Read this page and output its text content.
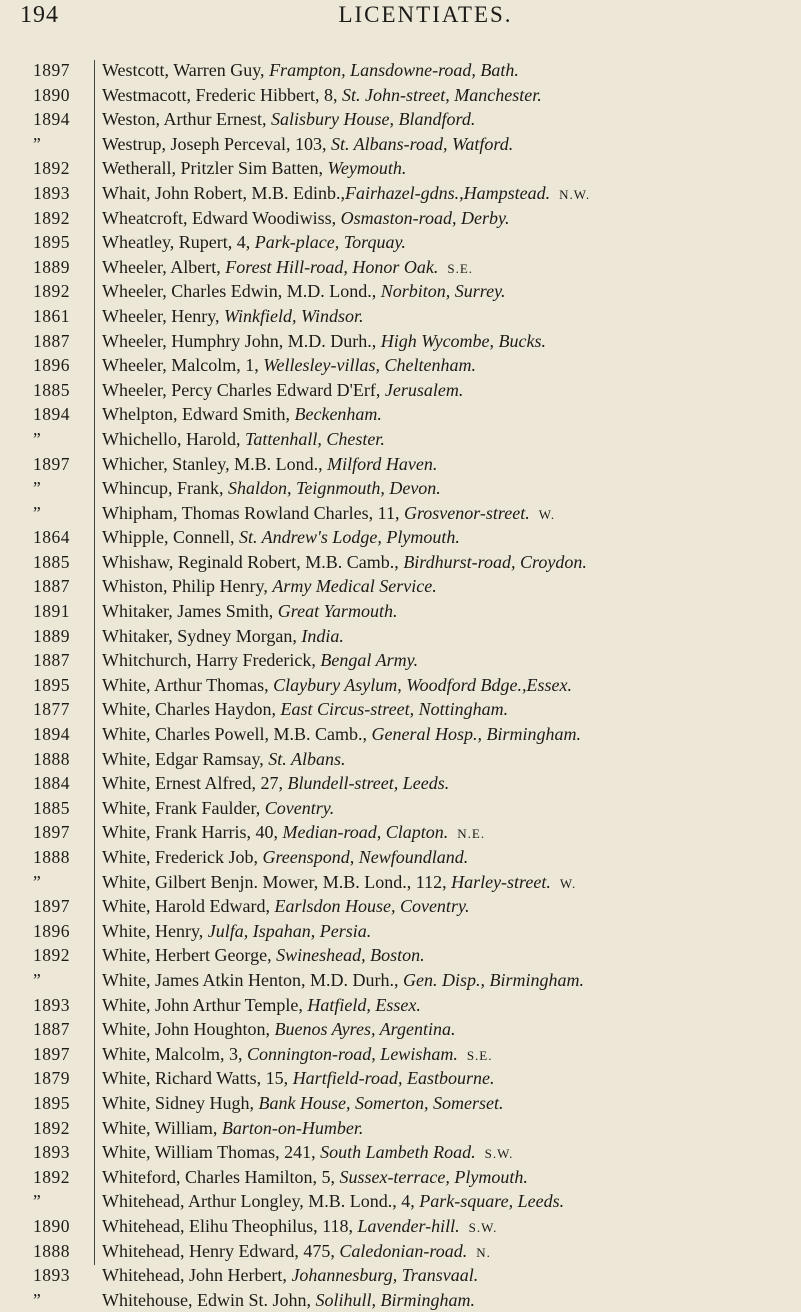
194	LICENTIATES.
1897	Westcott, Warren Guy, Frampton, Lansdowne-road, Bath.
1890	Westmacott, Frederic Hibbert, 8, St. John-street, Manchester.
1894	Weston, Arthur Ernest, Salisbury House, Blandford.
”	Westrup, Joseph Perceval, 103, St. Albans-road, Watford.
1892	Wetherall, Pritzler Sim Batten, Weymouth.
1893	Whait, John Robert, M.B. Edinb.,Fairhazel-gdns.,Hampstead.  N.W.
1892	Wheatcroft, Edward Woodiwiss, Osmaston-road, Derby.
1895	Wheatley, Rupert, 4, Park-place, Torquay.
1889	Wheeler, Albert, Forest Hill-road, Honor Oak.  S.E.
1892	Wheeler, Charles Edwin, M.D. Lond., Norbiton, Surrey.
1861	Wheeler, Henry, Winkfield, Windsor.
1887	Wheeler, Humphry John, M.D. Durh., High Wycombe, Bucks.
1896	Wheeler, Malcolm, 1, Wellesley-villas, Cheltenham.
1885	Wheeler, Percy Charles Edward D'Erf, Jerusalem.
1894	Whelpton, Edward Smith, Beckenham.
”	Whichello, Harold, Tattenhall, Chester.
1897	Whicher, Stanley, M.B. Lond., Milford Haven.
”	Whincup, Frank, Shaldon, Teignmouth, Devon.
”	Whipham, Thomas Rowland Charles, 11, Grosvenor-street.  W.
1864	Whipple, Connell, St. Andrew's Lodge, Plymouth.
1885	Whishaw, Reginald Robert, M.B. Camb., Birdhurst-road, Croydon.
1887	Whiston, Philip Henry, Army Medical Service.
1891	Whitaker, James Smith, Great Yarmouth.
1889	Whitaker, Sydney Morgan, India.
1887	Whitchurch, Harry Frederick, Bengal Army.
1895	White, Arthur Thomas, Claybury Asylum, Woodford Bdge.,Essex.
1877	White, Charles Haydon, East Circus-street, Nottingham.
1894	White, Charles Powell, M.B. Camb., General Hosp., Birmingham.
1888	White, Edgar Ramsay, St. Albans.
1884	White, Ernest Alfred, 27, Blundell-street, Leeds.
1885	White, Frank Faulder, Coventry.
1897	White, Frank Harris, 40, Median-road, Clapton.  N.E.
1888	White, Frederick Job, Greenspond, Newfoundland.
”	White, Gilbert Benjn. Mower, M.B. Lond., 112, Harley-street.  W.
1897	White, Harold Edward, Earlsdon House, Coventry.
1896	White, Henry, Julfa, Ispahan, Persia.
1892	White, Herbert George, Swineshead, Boston.
”	White, James Atkin Henton, M.D. Durh., Gen. Disp., Birmingham.
1893	White, John Arthur Temple, Hatfield, Essex.
1887	White, John Houghton, Buenos Ayres, Argentina.
1897	White, Malcolm, 3, Connington-road, Lewisham.  S.E.
1879	White, Richard Watts, 15, Hartfield-road, Eastbourne.
1895	White, Sidney Hugh, Bank House, Somerton, Somerset.
1892	White, William, Barton-on-Humber.
1893	White, William Thomas, 241, South Lambeth Road.  S.W.
1892	Whiteford, Charles Hamilton, 5, Sussex-terrace, Plymouth.
”	Whitehead, Arthur Longley, M.B. Lond., 4, Park-square, Leeds.
1890	Whitehead, Elihu Theophilus, 118, Lavender-hill.  S.W.
1888	Whitehead, Henry Edward, 475, Caledonian-road.  N.
1893	Whitehead, John Herbert, Johannesburg, Transvaal.
”	Whitehouse, Edwin St. John, Solihull, Birmingham.
